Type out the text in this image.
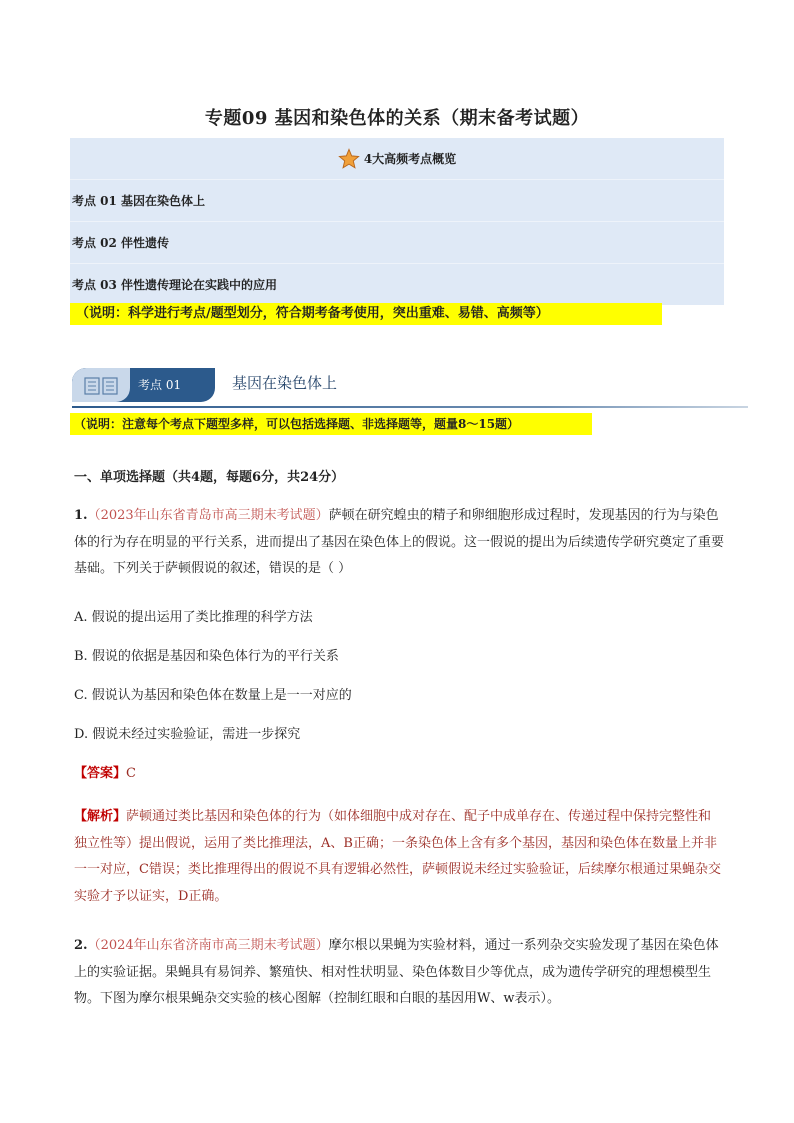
专题09 基因和染色体的关系（期末备考试题）
4大高频考点概览
考点 01 基因在染色体上
考点 02 伴性遗传
考点 03 伴性遗传理论在实践中的应用
（说明：科学进行考点/题型划分，符合期考备考使用，突出重难、易错、高频等）
考点 01	基因在染色体上
（说明：注意每个考点下题型多样，可以包括选择题、非选择题等，题量8～15题）
一、单项选择题（共4题，每题6分，共24分）
1.（2023年山东省青岛市高三期末考试题）萨顿在研究蝗虫的精子和卵细胞形成过程时，发现基因的行为与染色体的行为存在明显的平行关系，进而提出了基因在染色体上的假说。这一假说的提出为后续遗传学研究奠定了重要基础。下列关于萨顿假说的叙述，错误的是（ ）
A. 假说的提出运用了类比推理的科学方法
B. 假说的依据是基因和染色体行为的平行关系
C. 假说认为基因和染色体在数量上是一一对应的
D. 假说未经过实验验证，需进一步探究
【答案】C
【解析】萨顿通过类比基因和染色体的行为（如体细胞中成对存在、配子中成单存在、传递过程中保持完整性和独立性等）提出假说，运用了类比推理法，A、B正确；一条染色体上含有多个基因，基因和染色体在数量上并非一一对应，C错误；类比推理得出的假说不具有逻辑必然性，萨顿假说未经过实验验证，后续摩尔根通过果蝇杂交实验才予以证实，D正确。
2.（2024年山东省济南市高三期末考试题）摩尔根以果蝇为实验材料，通过一系列杂交实验发现了基因在染色体上的实验证据。果蝇具有易饲养、繁殖快、相对性状明显、染色体数目少等优点，成为遗传学研究的理想模型生物。下图为摩尔根果蝇杂交实验的核心图解（控制红眼和白眼的基因用W、w表示）。
